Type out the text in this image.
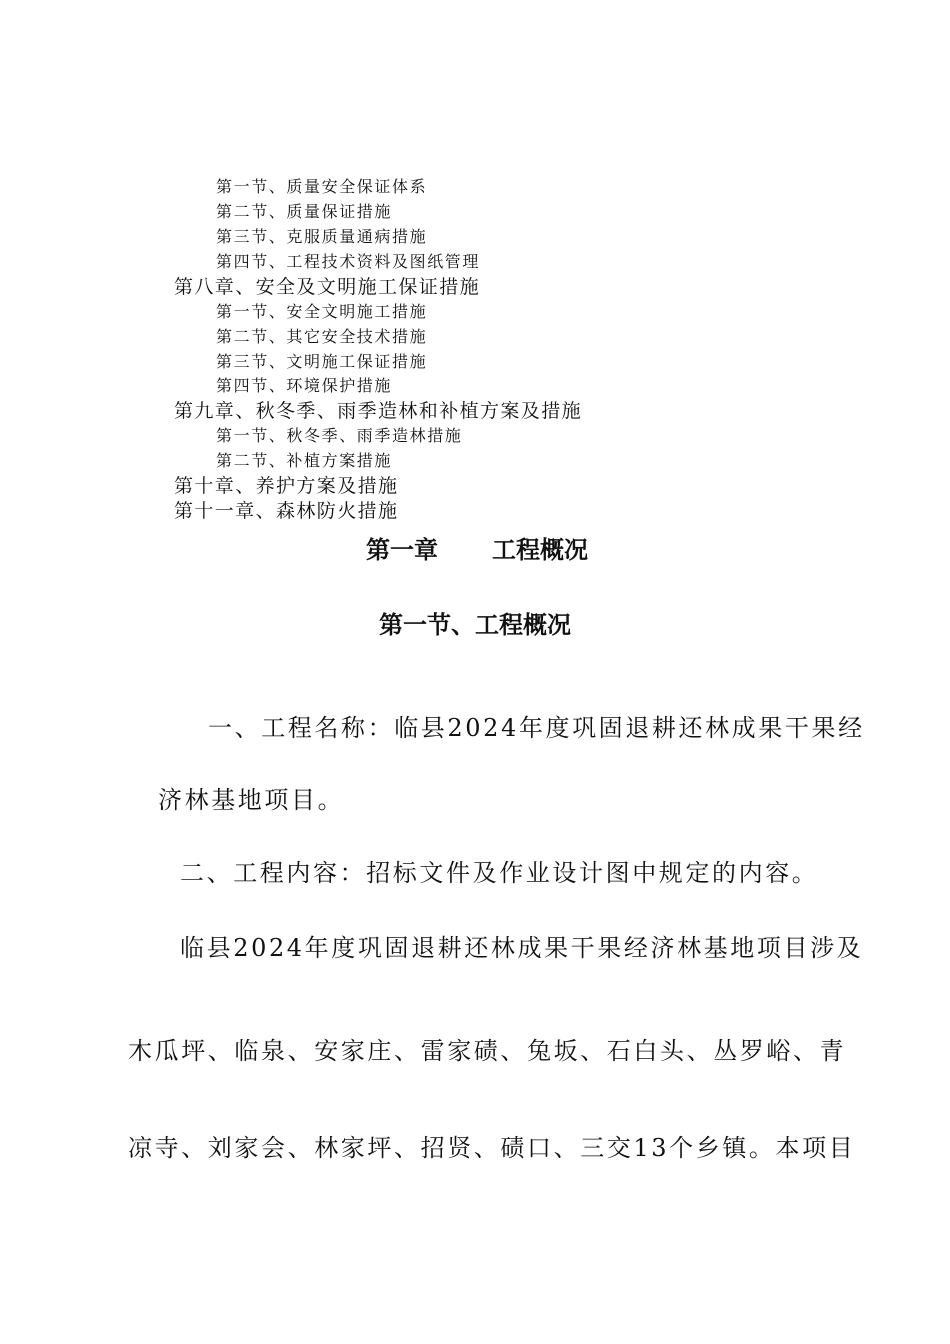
第一节、质量安全保证体系
第二节、质量保证措施
第三节、克服质量通病措施
第四节、工程技术资料及图纸管理
第八章、安全及文明施工保证措施
第一节、安全文明施工措施
第二节、其它安全技术措施
第三节、文明施工保证措施
第四节、环境保护措施
第九章、秋冬季、雨季造林和补植方案及措施
第一节、秋冬季、雨季造林措施
第二节、补植方案措施
第十章、养护方案及措施
第十一章、森林防火措施
第一章 工程概况
第一节、工程概况
一、工程名称：临县2024年度巩固退耕还林成果干果经
济林基地项目。
二、工程内容：招标文件及作业设计图中规定的内容。
临县2024年度巩固退耕还林成果干果经济林基地项目涉及
木瓜坪、临泉、安家庄、雷家碛、兔坂、石白头、丛罗峪、青
凉寺、刘家会、林家坪、招贤、碛口、三交13个乡镇。本项目
